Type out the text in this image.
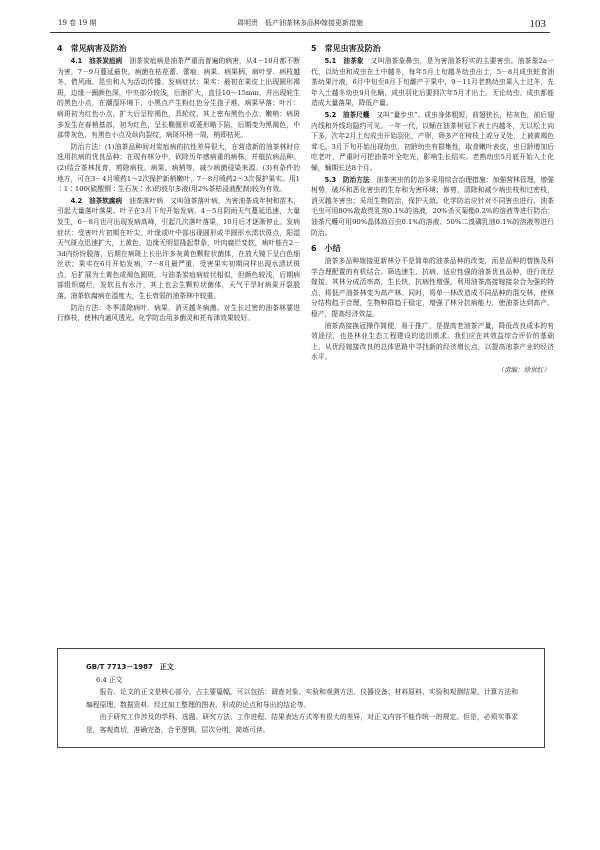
19 卷 19 期	周明贵　低产油茶林多品种嫁接更新措施	103
4　常见病害及防治

4.1　油茶炭疽病　 油茶炭疽病是油茶严重而普遍的病害，从4－10月都不断为害，7－9月蔓延最快。病菌在枯花蕾、蕾痕、病果、病果柄、病叶芽、病枝越冬，借风雨、昆虫和人为活动传播。发病症状：果实：最初在果皮上出现圆形褐斑，边缘一圈颜色深，中央部分较浅，后渐扩大，直径10～15mm，并出现轮生的黑色小点，在潮湿环境下，小黑点产生粉红色分生孢子堆，病果早落；叶片：病斑初为红色小点，扩大后呈棕褐色，具轮纹，其上密布黑色小点；嫩梢：病斑多发生在春梢基部，初为红色，呈长椭圆形或菱形略下陷，后期变为黑褐色，中部带灰色，有黑色小点及纵向裂纹，病斑环梢一周，梢即枯死。

防治方法：(1)油茶品种间对炭疽病的抗性差异很大，在营造新的油茶林时应选用抗病的优良品种；在现有林分中，砍除历年感病重的病株，并植抗病品种。(2)结合茶林抚育，剪除病枝、病果、病梢等，减少病菌侵染来源。(3)有条件的地方，可在3－4月喷药1～2次保护新梢嫩叶，7－8月喷药2～3次保护果实。用1∶1∶100(硫酸铜∶生石灰∶水)的波尔多液(用2%茶枯浸液配制)较为有效。

4.2　油茶软腐病　 油茶落叶病　又叫油茶落叶病，为害油茶成年树和苗木，引起大量落叶落果。叶子在3月下旬开始发病，4－5月阴雨天气蔓延迅速，大量发生，6－8月也可出现发病高峰，引起几次落叶落果，10月后才逐渐停止。发病症状：受害叶片初期在叶尖、叶缘或叶中部出现圆形或半圆形水渍状斑点，阳湿天气斑点迅速扩大，上黄色，边缘无明显隆起带条，叶肉腐烂变软，病叶能在2－3d内纷纷脱落，后期在病斑上长出许多灰黄色颗粒状菌体，在放大镜下呈白色细丝状；果实在6月开始发病，7－8月最严重，受害果实初期同样出现水渍状斑点，后扩展为土黄色或褐色圆斑，与油茶炭疽病症状相似，但颜色较浅，后期病部组织腐烂，发软且有水汁，其上也会生颗粒状菌体，天气干旱时病果开裂脱落。油茶软腐病在湿度大，生长衰弱的油茶林中较重。

防治方法：冬季清除病叶、病果，消灭越冬病菌。对生长过密的油茶林要进行修枝，使林内通风透光。化学防治用多菌灵和托布津效果较好。

5　常见虫害及防治

5.1　油茶象　 又叫油茶象鼻虫，是为害油茶籽实的主要害虫。油茶象2a一代，以幼虫和成虫在土中越冬，每年5月上旬越冬幼虫出土，5－8月成虫蛀食油茶幼果汁液，6月中旬至8月下旬雌产于果中，9－11月老熟幼虫果入土过冬，先年入土越冬幼虫9月化蛹，成虫羽化后要到次年5月才出土。无论幼虫、成虫都能造成大量落果，降低产量。

5.2　油茶尺蠖　 又叫“量步虫”。成虫身体粗短，前翅狭长，枯灰色，前后翅内线和外线均隐约可见。一年一代，以蛹在油茶树冠下表土内越冬，无以松土向下多，次年2月上旬成虫开始羽化，产卵，卵多产在树枝上或分叉处，上被黄褐色茸毛。3月下旬开始出现幼虫，初龄幼虫有群集性，取食嫩叶表皮，虫日龄增加后吃老叶，严重时可把油茶叶全吃光，影响生长结实。老熟幼虫5月底开始入土化蛹，蛹期长达8个月。

5.3　防治方法　 油茶害虫的防治多采用综合治理措施：加强营林管理，增强树势，破坏和恶化害虫的生存和为害环境；修剪，清除和减少病虫枝和过密枝，消灭越冬害虫；采用生物防治，保护天敌。化学防治应针对不同害虫进行，油茶毛虫可用80%敌敌畏乳剂0.1%的溶液，20%杀灭菊酯0.2%的溶液等进行防治；油茶尺蠖可用90%晶体敌百虫0.1%的溶液、50%二溴磷乳油0.1%的溶液等进行防治。

6　小结

油茶多品种嫁接更新林分不是简单的油茶品种的改变，而是品种的替换及科学合理配置的有机结合。筛选速生、抗病、适应性强的油茶优良品种，进行优经嫁接，其林分成活率高，生长快，抗病性增强。利用油茶高接嫁接杂合为强的特点，将低产油茶林变为高产林。同时，将单一林改造成不同品种的混交林，使林分结构趋于合理，生物种群趋于稳定，增强了林分抗病能力，使油茶达到高产、稳产，提高经济效益。

油茶高接换冠操作简便，易于推广，是提高老油茶产量，降低改良成本的有效途径，也是林业生态工程建设的追切需求。我们应在其效益综合评价的基础上，从优经嫁接改良的总体思路中寻找新的经济增长点，以提高油茶产业的经济水平。

（责编：徐世红）
GB/T 7713－1987　正文
6.4 正文

报告、论文的正文是核心部分，占主要篇幅，可以包括：调查对象、实验和观测方法、仪器设备、材料原料、实验和观测结果、计算方法和编程原理、数据资料、经过加工整理的图表、形成的论点和导出的结论等。

由于研究工作涉及的学科、选题、研究方法、工作进程、结果表达方式等有很大的差异，对正文内容不能作统一的规定。但是，必须实事求是，客观真切，准确完备，合乎逻辑，层次分明，简练可读。
